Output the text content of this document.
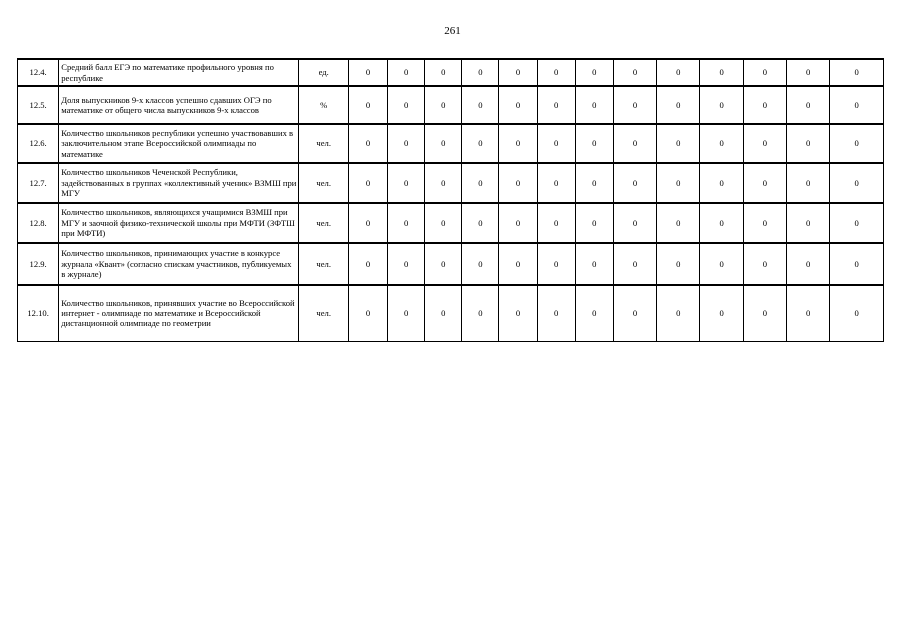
261
12.4.	Средний балл ЕГЭ по математике профильного уровня по республике	ед.	0	0	0	0	0	0	0	0	0	0	0	0	0
12.5.	Доля выпускников 9-х классов успешно сдавших ОГЭ по математике от общего числа выпускников 9-х классов	%	0	0	0	0	0	0	0	0	0	0	0	0	0
12.6.	Количество школьников республики успешно участвовавших в заключительном этапе Всероссийской олимпиады по математике	чел.	0	0	0	0	0	0	0	0	0	0	0	0	0
12.7.	Количество школьников Чеченской Республики, задействованных в группах «коллективный ученик» ВЗМШ при МГУ	чел.	0	0	0	0	0	0	0	0	0	0	0	0	0
12.8.	Количество школьников, являющихся учащимися ВЗМШ при МГУ и заочной физико-технической школы при МФТИ (ЗФТШ при МФТИ)	чел.	0	0	0	0	0	0	0	0	0	0	0	0	0
12.9.	Количество школьников, принимающих участие в конкурсе журнала «Квант» (согласно спискам участников, публикуемых в журнале)	чел.	0	0	0	0	0	0	0	0	0	0	0	0	0
12.10.	Количество школьников, принявших участие во Всероссийской интернет - олимпиаде по математике и Всероссийской дистанционной олимпиаде по геометрии	чел.	0	0	0	0	0	0	0	0	0	0	0	0	0
